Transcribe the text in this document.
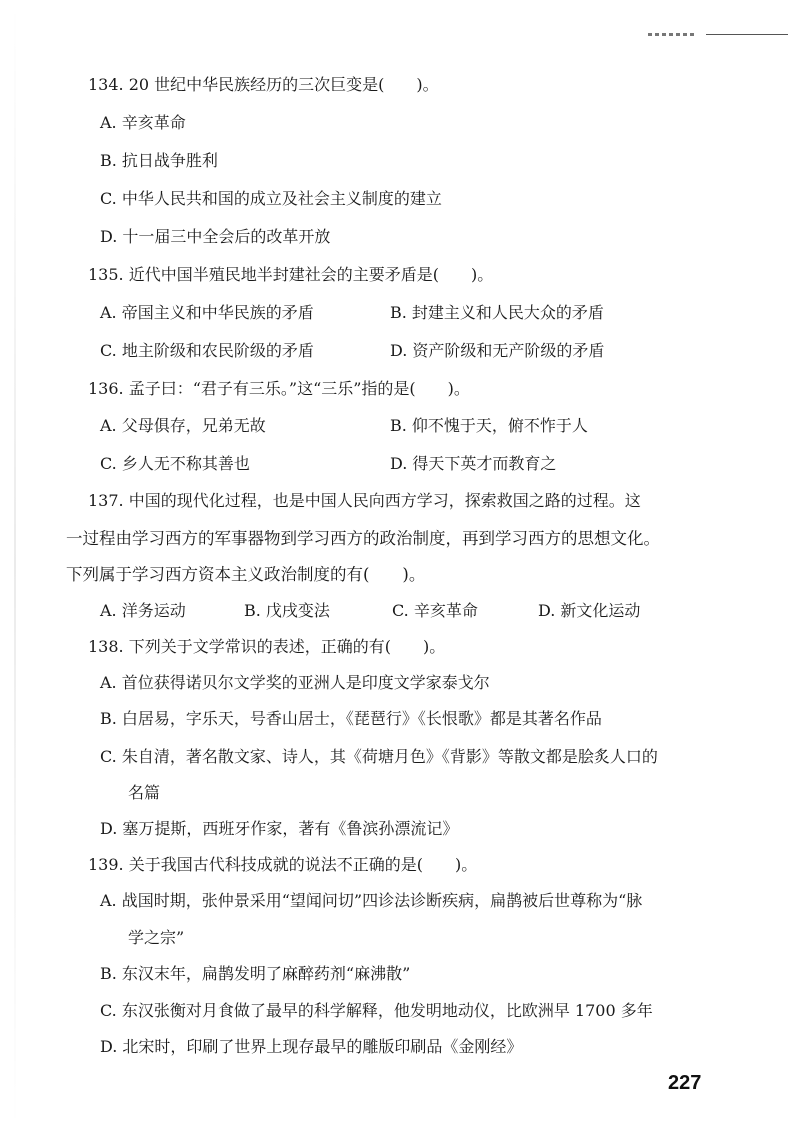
134. 20 世纪中华民族经历的三次巨变是(　　)。
A. 辛亥革命
B. 抗日战争胜利
C. 中华人民共和国的成立及社会主义制度的建立
D. 十一届三中全会后的改革开放
135. 近代中国半殖民地半封建社会的主要矛盾是(　　)。
A. 帝国主义和中华民族的矛盾	B. 封建主义和人民大众的矛盾
C. 地主阶级和农民阶级的矛盾	D. 资产阶级和无产阶级的矛盾
136. 孟子曰：“君子有三乐。”这“三乐”指的是(　　)。
A. 父母俱存，兄弟无故	B. 仰不愧于天，俯不怍于人
C. 乡人无不称其善也	D. 得天下英才而教育之
137. 中国的现代化过程，也是中国人民向西方学习，探索救国之路的过程。这
一过程由学习西方的军事器物到学习西方的政治制度，再到学习西方的思想文化。
下列属于学习西方资本主义政治制度的有(　　)。
A. 洋务运动	B. 戊戌变法	C. 辛亥革命	D. 新文化运动
138. 下列关于文学常识的表述，正确的有(　　)。
A. 首位获得诺贝尔文学奖的亚洲人是印度文学家泰戈尔
B. 白居易，字乐天，号香山居士，《琵琶行》《长恨歌》都是其著名作品
C. 朱自清，著名散文家、诗人，其《荷塘月色》《背影》等散文都是脍炙人口的
名篇
D. 塞万提斯，西班牙作家，著有《鲁滨孙漂流记》
139. 关于我国古代科技成就的说法不正确的是(　　)。
A. 战国时期，张仲景采用“望闻问切”四诊法诊断疾病，扁鹊被后世尊称为“脉
学之宗”
B. 东汉末年，扁鹊发明了麻醉药剂“麻沸散”
C. 东汉张衡对月食做了最早的科学解释，他发明地动仪，比欧洲早 1700 多年
D. 北宋时，印刷了世界上现存最早的雕版印刷品《金刚经》
227
